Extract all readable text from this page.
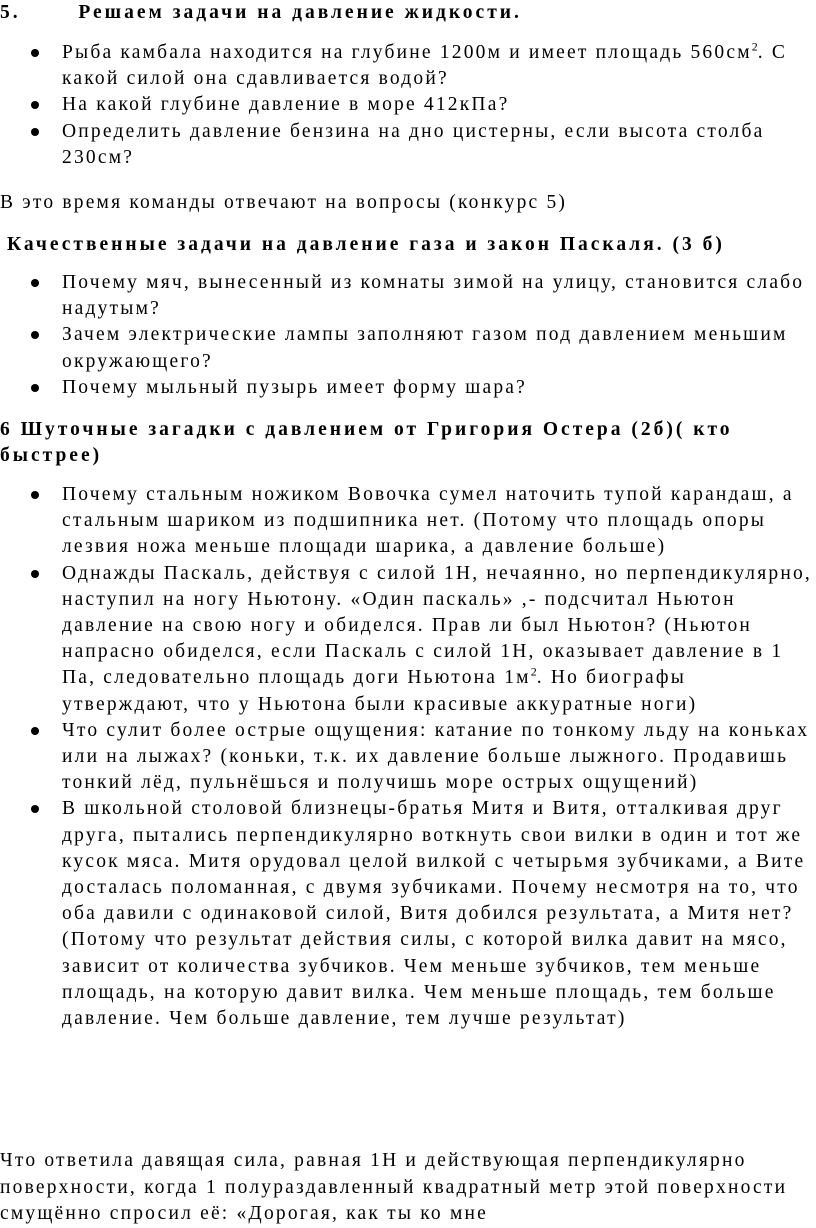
5.	Решаем задачи на давление жидкости.
Рыба камбала находится на глубине 1200м и имеет площадь $560см^2$. С какой силой она сдавливается водой?
На какой глубине давление в море 412кПа?
Определить давление бензина на дно цистерны, если высота столба 230см?
В это время команды отвечают на вопросы (конкурс 5)
Качественные задачи на давление газа и закон Паскаля. (3 б)
Почему мяч, вынесенный из комнаты зимой на улицу, становится слабо надутым?
Зачем электрические лампы заполняют газом под давлением меньшим окружающего?
Почему мыльный пузырь имеет форму шара?
6 Шуточные загадки с давлением от Григория Остера (2б)( кто быстрее)
Почему стальным ножиком Вовочка сумел наточить тупой карандаш, а стальным шариком из подшипника нет. (Потому что площадь опоры лезвия ножа меньше площади шарика, а давление больше)
Однажды Паскаль, действуя с силой 1Н, нечаянно, но перпендикулярно, наступил на ногу Ньютону. «Один паскаль» ,- подсчитал Ньютон давление на свою ногу и обиделся. Прав ли был Ньютон? (Ньютон напрасно обиделся, если Паскаль с силой 1Н, оказывает давление в 1 Па, следовательно площадь доги Ньютона $1м^2$. Но биографы утверждают, что у Ньютона были красивые аккуратные ноги)
Что сулит более острые ощущения: катание по тонкому льду на коньках или на лыжах? (коньки, т.к. их давление больше лыжного. Продавишь тонкий лёд, пульнёшься и получишь море острых ощущений)
В школьной столовой близнецы-братья Митя и Витя, отталкивая друг друга, пытались перпендикулярно воткнуть свои вилки в один и тот же кусок мяса. Митя орудовал целой вилкой с четырьмя зубчиками, а Вите досталась поломанная, с двумя зубчиками. Почему несмотря на то, что оба давили с одинаковой силой, Витя добился результата, а Митя нет? (Потому что результат действия силы, с которой вилка давит на мясо, зависит от количества зубчиков. Чем меньше зубчиков, тем меньше площадь, на которую давит вилка. Чем меньше площадь, тем больше давление. Чем больше давление, тем лучше результат)
Что ответила давящая сила, равная 1Н и действующая перпендикулярно поверхности, когда 1 полураздавленный квадратный метр этой поверхности смущённо спросил её: «Дорогая, как ты ко мне
